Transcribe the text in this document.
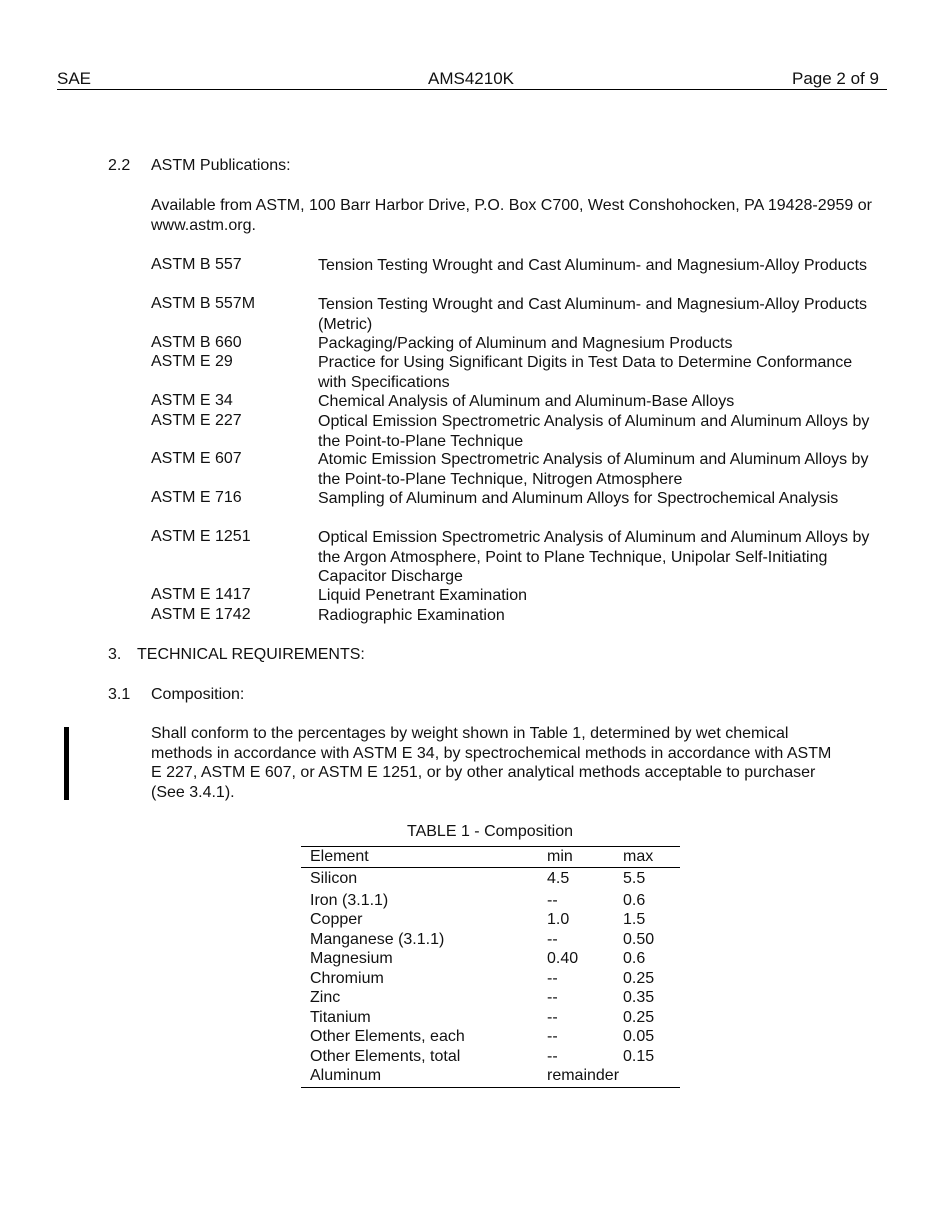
SAE	AMS4210K	Page 2 of 9
2.2 ASTM Publications:
Available from ASTM, 100 Barr Harbor Drive, P.O. Box C700, West Conshohocken, PA 19428-2959 or www.astm.org.
ASTM B 557	Tension Testing Wrought and Cast Aluminum- and Magnesium-Alloy Products
ASTM B 557M	Tension Testing Wrought and Cast Aluminum- and Magnesium-Alloy Products (Metric)
ASTM B 660	Packaging/Packing of Aluminum and Magnesium Products
ASTM E 29	Practice for Using Significant Digits in Test Data to Determine Conformance with Specifications
ASTM E 34	Chemical Analysis of Aluminum and Aluminum-Base Alloys
ASTM E 227	Optical Emission Spectrometric Analysis of Aluminum and Aluminum Alloys by the Point-to-Plane Technique
ASTM E 607	Atomic Emission Spectrometric Analysis of Aluminum and Aluminum Alloys by the Point-to-Plane Technique, Nitrogen Atmosphere
ASTM E 716	Sampling of Aluminum and Aluminum Alloys for Spectrochemical Analysis
ASTM E 1251	Optical Emission Spectrometric Analysis of Aluminum and Aluminum Alloys by the Argon Atmosphere, Point to Plane Technique, Unipolar Self-Initiating Capacitor Discharge
ASTM E 1417	Liquid Penetrant Examination
ASTM E 1742	Radiographic Examination
3. TECHNICAL REQUIREMENTS:
3.1 Composition:
Shall conform to the percentages by weight shown in Table 1, determined by wet chemical methods in accordance with ASTM E 34, by spectrochemical methods in accordance with ASTM E 227, ASTM E 607, or ASTM E 1251, or by other analytical methods acceptable to purchaser (See 3.4.1).
TABLE 1 - Composition
Element	min	max
Silicon	4.5	5.5
Iron (3.1.1)	--	0.6
Copper	1.0	1.5
Manganese (3.1.1)	--	0.50
Magnesium	0.40	0.6
Chromium	--	0.25
Zinc	--	0.35
Titanium	--	0.25
Other Elements, each	--	0.05
Other Elements, total	--	0.15
Aluminum	remainder
